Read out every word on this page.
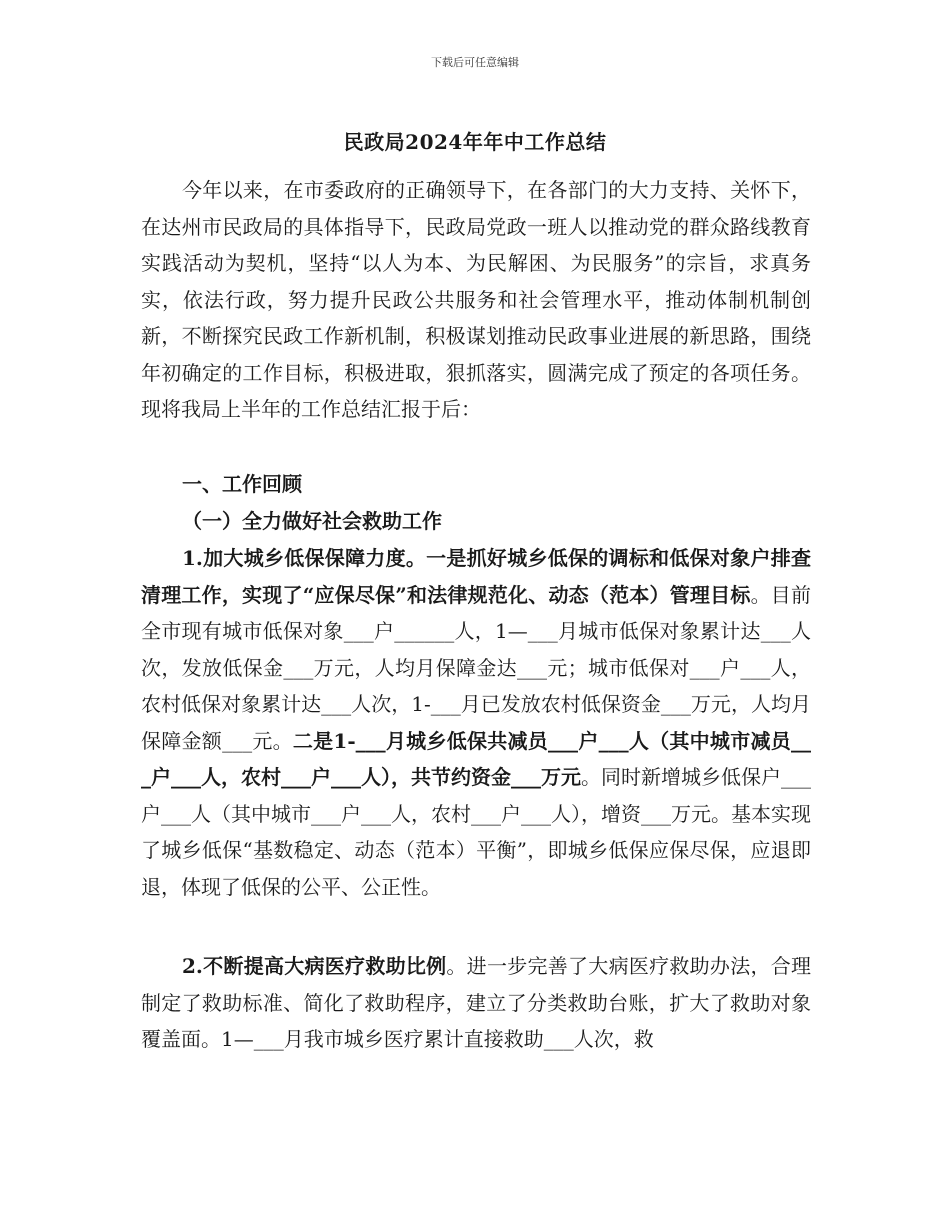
下载后可任意编辑
民政局2024年年中工作总结

今年以来，在市委政府的正确领导下，在各部门的大力支持、关怀下，在达州市民政局的具体指导下，民政局党政一班人以推动党的群众路线教育实践活动为契机，坚持“以人为本、为民解困、为民服务”的宗旨，求真务实，依法行政，努力提升民政公共服务和社会管理水平，推动体制机制创新，不断探究民政工作新机制，积极谋划推动民政事业进展的新思路，围绕年初确定的工作目标，积极进取，狠抓落实，圆满完成了预定的各项任务。现将我局上半年的工作总结汇报于后：

一、工作回顾

（一）全力做好社会救助工作

1.加大城乡低保保障力度。一是抓好城乡低保的调标和低保对象户排查清理工作，实现了“应保尽保”和法律规范化、动态（范本）管理目标。目前全市现有城市低保对象___户______人，1—___月城市低保对象累计达___人次，发放低保金___万元，人均月保障金达___元；城市低保对___户___人，农村低保对象累计达___人次，1-___月已发放农村低保资金___万元，人均月保障金额___元。二是1-___月城乡低保共减员___户___人（其中城市减员___户___人，农村___户___人），共节约资金___万元。同时新增城乡低保户___户___人（其中城市___户___人，农村___户___人），增资___万元。基本实现了城乡低保“基数稳定、动态（范本）平衡”，即城乡低保应保尽保，应退即退，体现了低保的公平、公正性。

2.不断提高大病医疗救助比例。进一步完善了大病医疗救助办法，合理制定了救助标准、简化了救助程序，建立了分类救助台账，扩大了救助对象覆盖面。1—___月我市城乡医疗累计直接救助___人次，救
